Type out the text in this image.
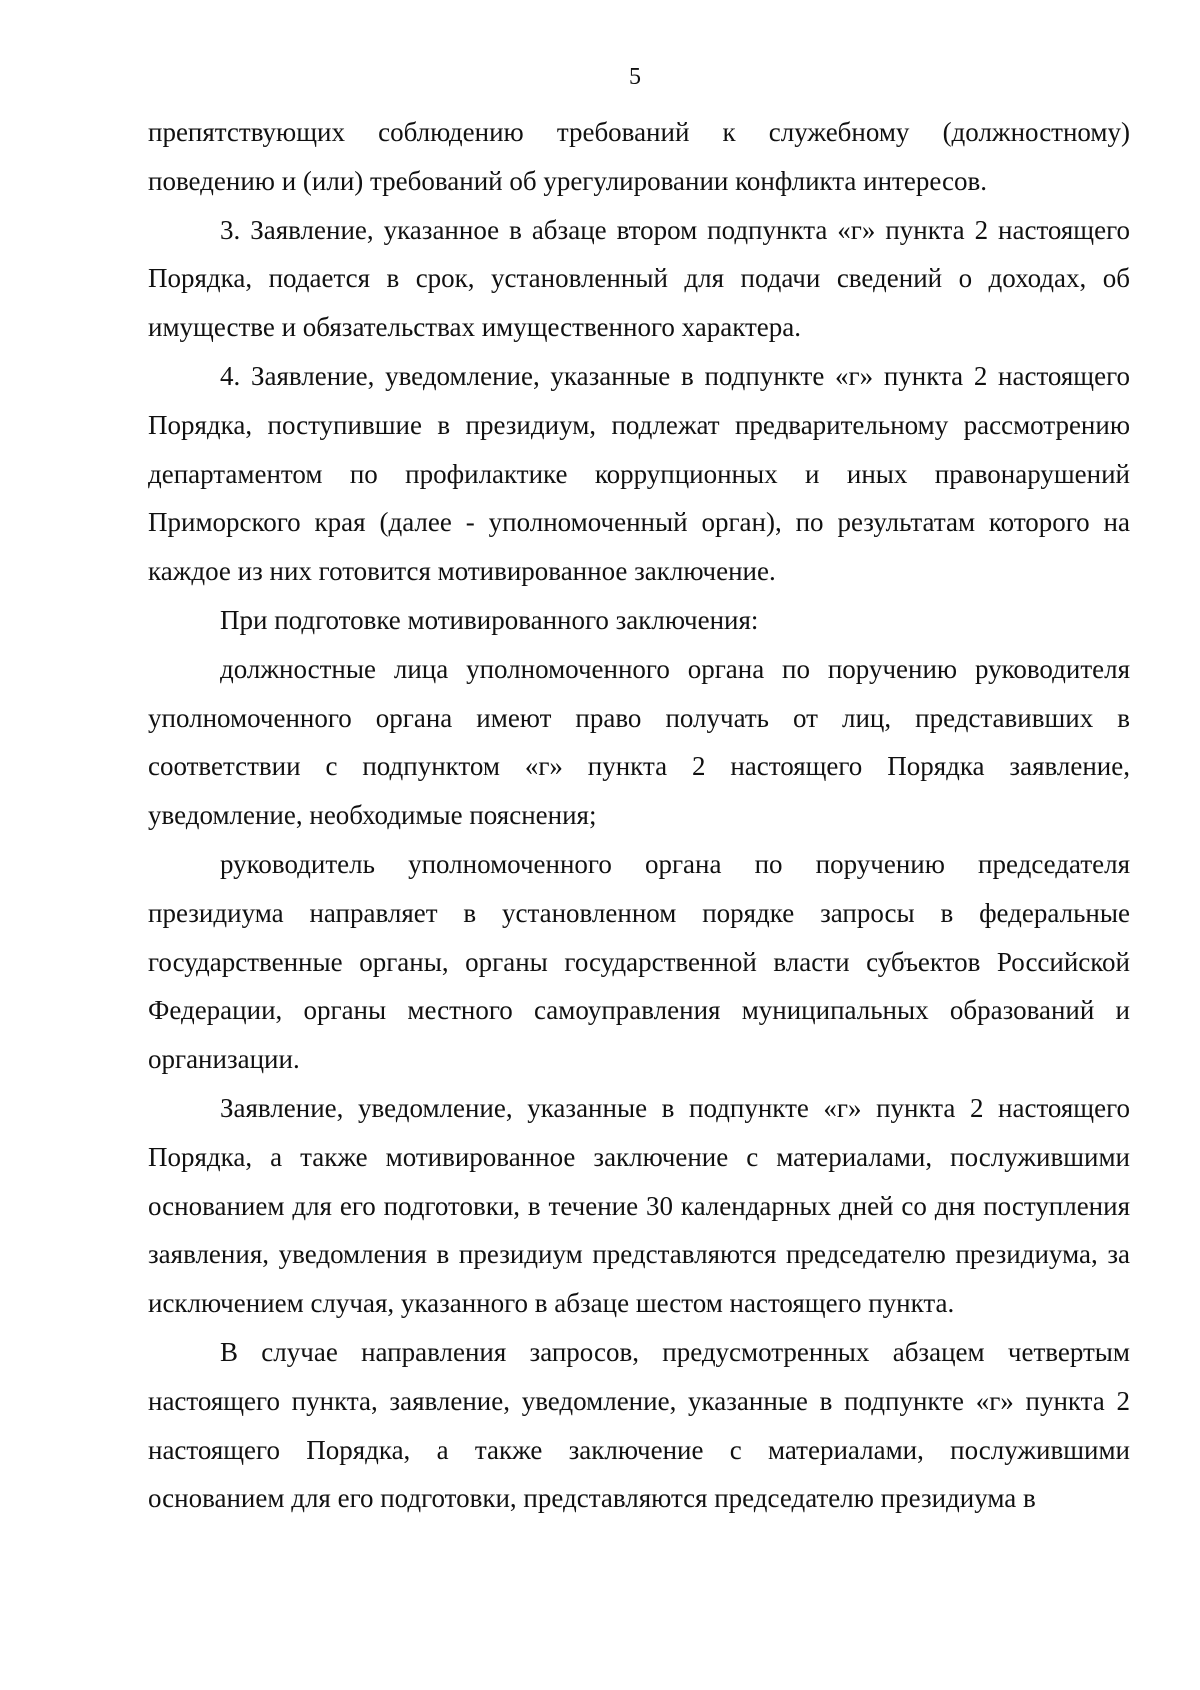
5

препятствующих соблюдению требований к служебному (должностному) поведению и (или) требований об урегулировании конфликта интересов.

3. Заявление, указанное в абзаце втором подпункта «г» пункта 2 настоящего Порядка, подается в срок, установленный для подачи сведений о доходах, об имуществе и обязательствах имущественного характера.

4. Заявление, уведомление, указанные в подпункте «г» пункта 2 настоящего Порядка, поступившие в президиум, подлежат предварительному рассмотрению департаментом по профилактике коррупционных и иных правонарушений Приморского края (далее - уполномоченный орган), по результатам которого на каждое из них готовится мотивированное заключение.

При подготовке мотивированного заключения:

должностные лица уполномоченного органа по поручению руководителя уполномоченного органа имеют право получать от лиц, представивших в соответствии с подпунктом «г» пункта 2 настоящего Порядка заявление, уведомление, необходимые пояснения;

руководитель уполномоченного органа по поручению председателя президиума направляет в установленном порядке запросы в федеральные государственные органы, органы государственной власти субъектов Российской Федерации, органы местного самоуправления муниципальных образований и организации.

Заявление, уведомление, указанные в подпункте «г» пункта 2 настоящего Порядка, а также мотивированное заключение с материалами, послужившими основанием для его подготовки, в течение 30 календарных дней со дня поступления заявления, уведомления в президиум представляются председателю президиума, за исключением случая, указанного в абзаце шестом настоящего пункта.

В случае направления запросов, предусмотренных абзацем четвертым настоящего пункта, заявление, уведомление, указанные в подпункте «г» пункта 2 настоящего Порядка, а также заключение с материалами, послужившими основанием для его подготовки, представляются председателю президиума в
